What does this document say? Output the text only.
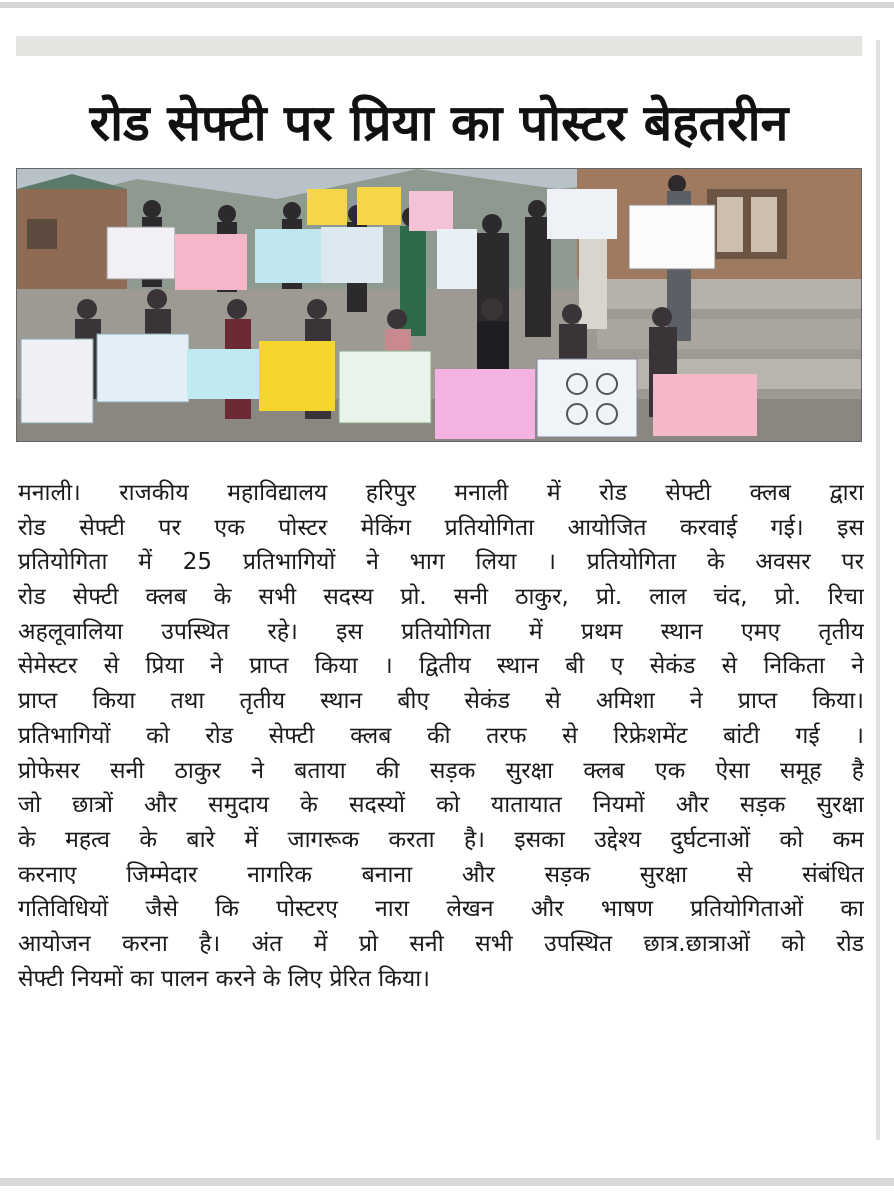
रोड सेफ्टी पर प्रिया का पोस्टर बेहतरीन
मनाली। राजकीय महाविद्यालय हरिपुर मनाली में रोड सेफ्टी क्लब द्वारा
रोड सेफ्टी पर एक पोस्टर मेकिंग प्रतियोगिता आयोजित करवाई गई। इस
प्रतियोगिता में 25 प्रतिभागियों ने भाग लिया । प्रतियोगिता के अवसर पर
रोड सेफ्टी क्लब के सभी सदस्य प्रो. सनी ठाकुर, प्रो. लाल चंद, प्रो. रिचा
अहलूवालिया उपस्थित रहे। इस प्रतियोगिता में प्रथम स्थान एमए तृतीय
सेमेस्टर से प्रिया ने प्राप्त किया । द्वितीय स्थान बी ए सेकंड से निकिता ने
प्राप्त किया तथा तृतीय स्थान बीए सेकंड से अमिशा ने प्राप्त किया।
प्रतिभागियों को रोड सेफ्टी क्लब की तरफ से रिफ्रेशमेंट बांटी गई ।
प्रोफेसर सनी ठाकुर ने बताया की सड़क सुरक्षा क्लब एक ऐसा समूह है
जो छात्रों और समुदाय के सदस्यों को यातायात नियमों और सड़क सुरक्षा
के महत्व के बारे में जागरूक करता है। इसका उद्देश्य दुर्घटनाओं को कम
करनाए जिम्मेदार नागरिक बनाना और सड़क सुरक्षा से संबंधित
गतिविधियों जैसे कि पोस्टरए नारा लेखन और भाषण प्रतियोगिताओं का
आयोजन करना है। अंत में प्रो सनी सभी उपस्थित छात्र.छात्राओं को रोड
सेफ्टी नियमों का पालन करने के लिए प्रेरित किया।
